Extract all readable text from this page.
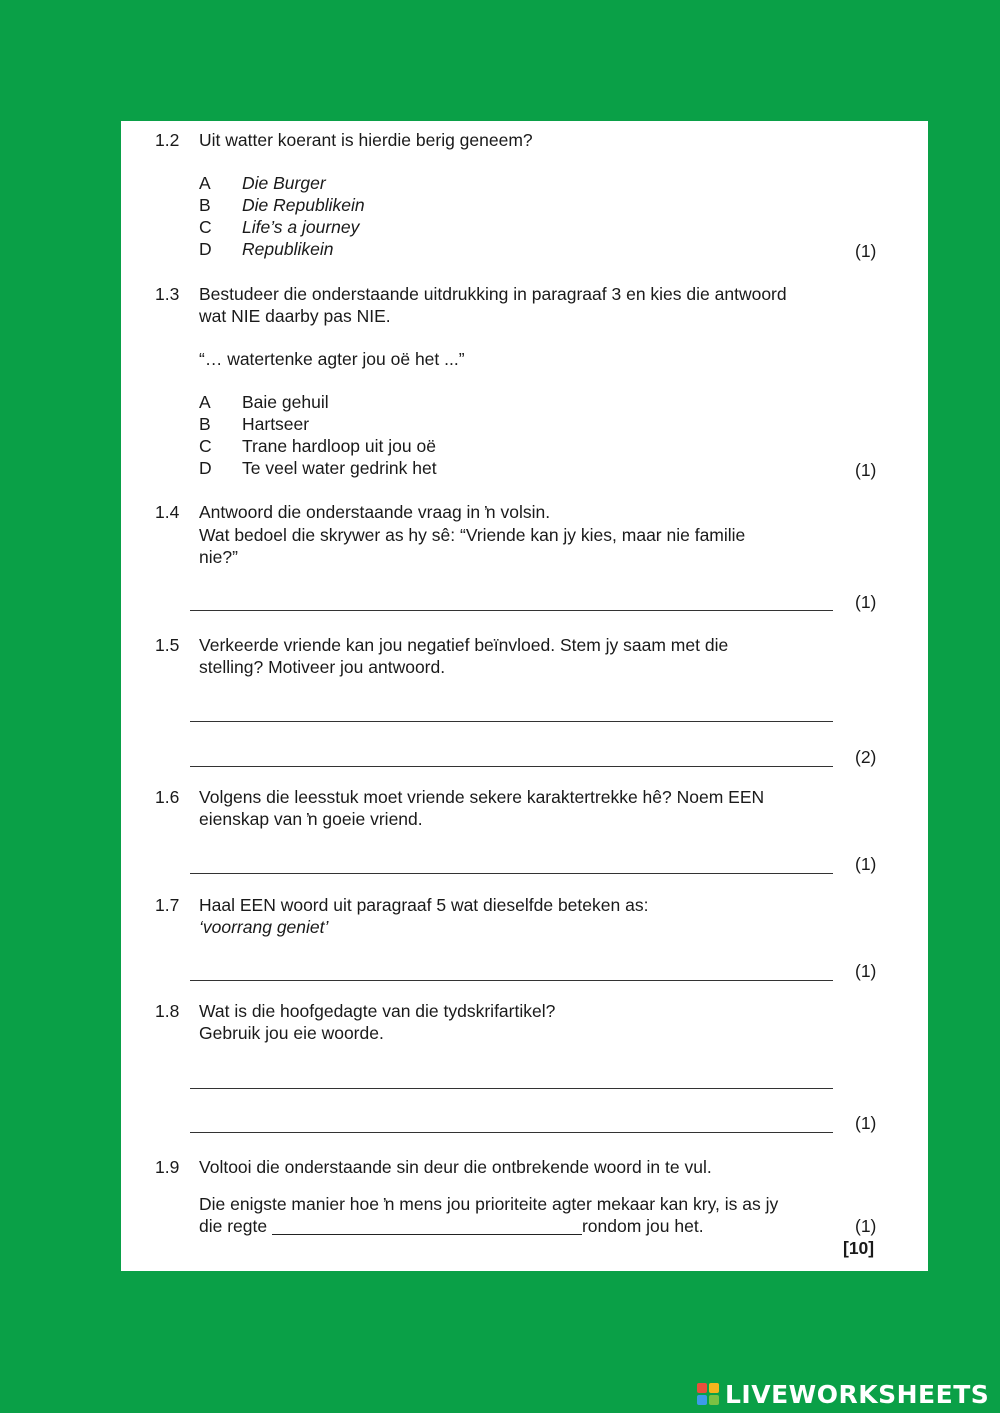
1.2 Uit watter koerant is hierdie berig geneem?
A Die Burger
B Die Republikein
C Life’s a journey
D Republikein	(1)
1.3 Bestudeer die onderstaande uitdrukking in paragraaf 3 en kies die antwoord
wat NIE daarby pas NIE.
“… watertenke agter jou oë het ...”
A Baie gehuil
B Hartseer
C Trane hardloop uit jou oë
D Te veel water gedrink het	(1)
1.4 Antwoord die onderstaande vraag in ŉ volsin.
Wat bedoel die skrywer as hy sê: “Vriende kan jy kies, maar nie familie
nie?”
(1)
1.5 Verkeerde vriende kan jou negatief beïnvloed. Stem jy saam met die
stelling? Motiveer jou antwoord.
(2)
1.6 Volgens die leesstuk moet vriende sekere karaktertrekke hê? Noem EEN
eienskap van ŉ goeie vriend.
(1)
1.7 Haal EEN woord uit paragraaf 5 wat dieselfde beteken as:
‘voorrang geniet’
(1)
1.8 Wat is die hoofgedagte van die tydskrifartikel?
Gebruik jou eie woorde.
(1)
1.9 Voltooi die onderstaande sin deur die ontbrekende woord in te vul.
Die enigste manier hoe ŉ mens jou prioriteite agter mekaar kan kry, is as jy
die regte	rondom jou het.	(1)
[10]
LIVEWORKSHEETS
